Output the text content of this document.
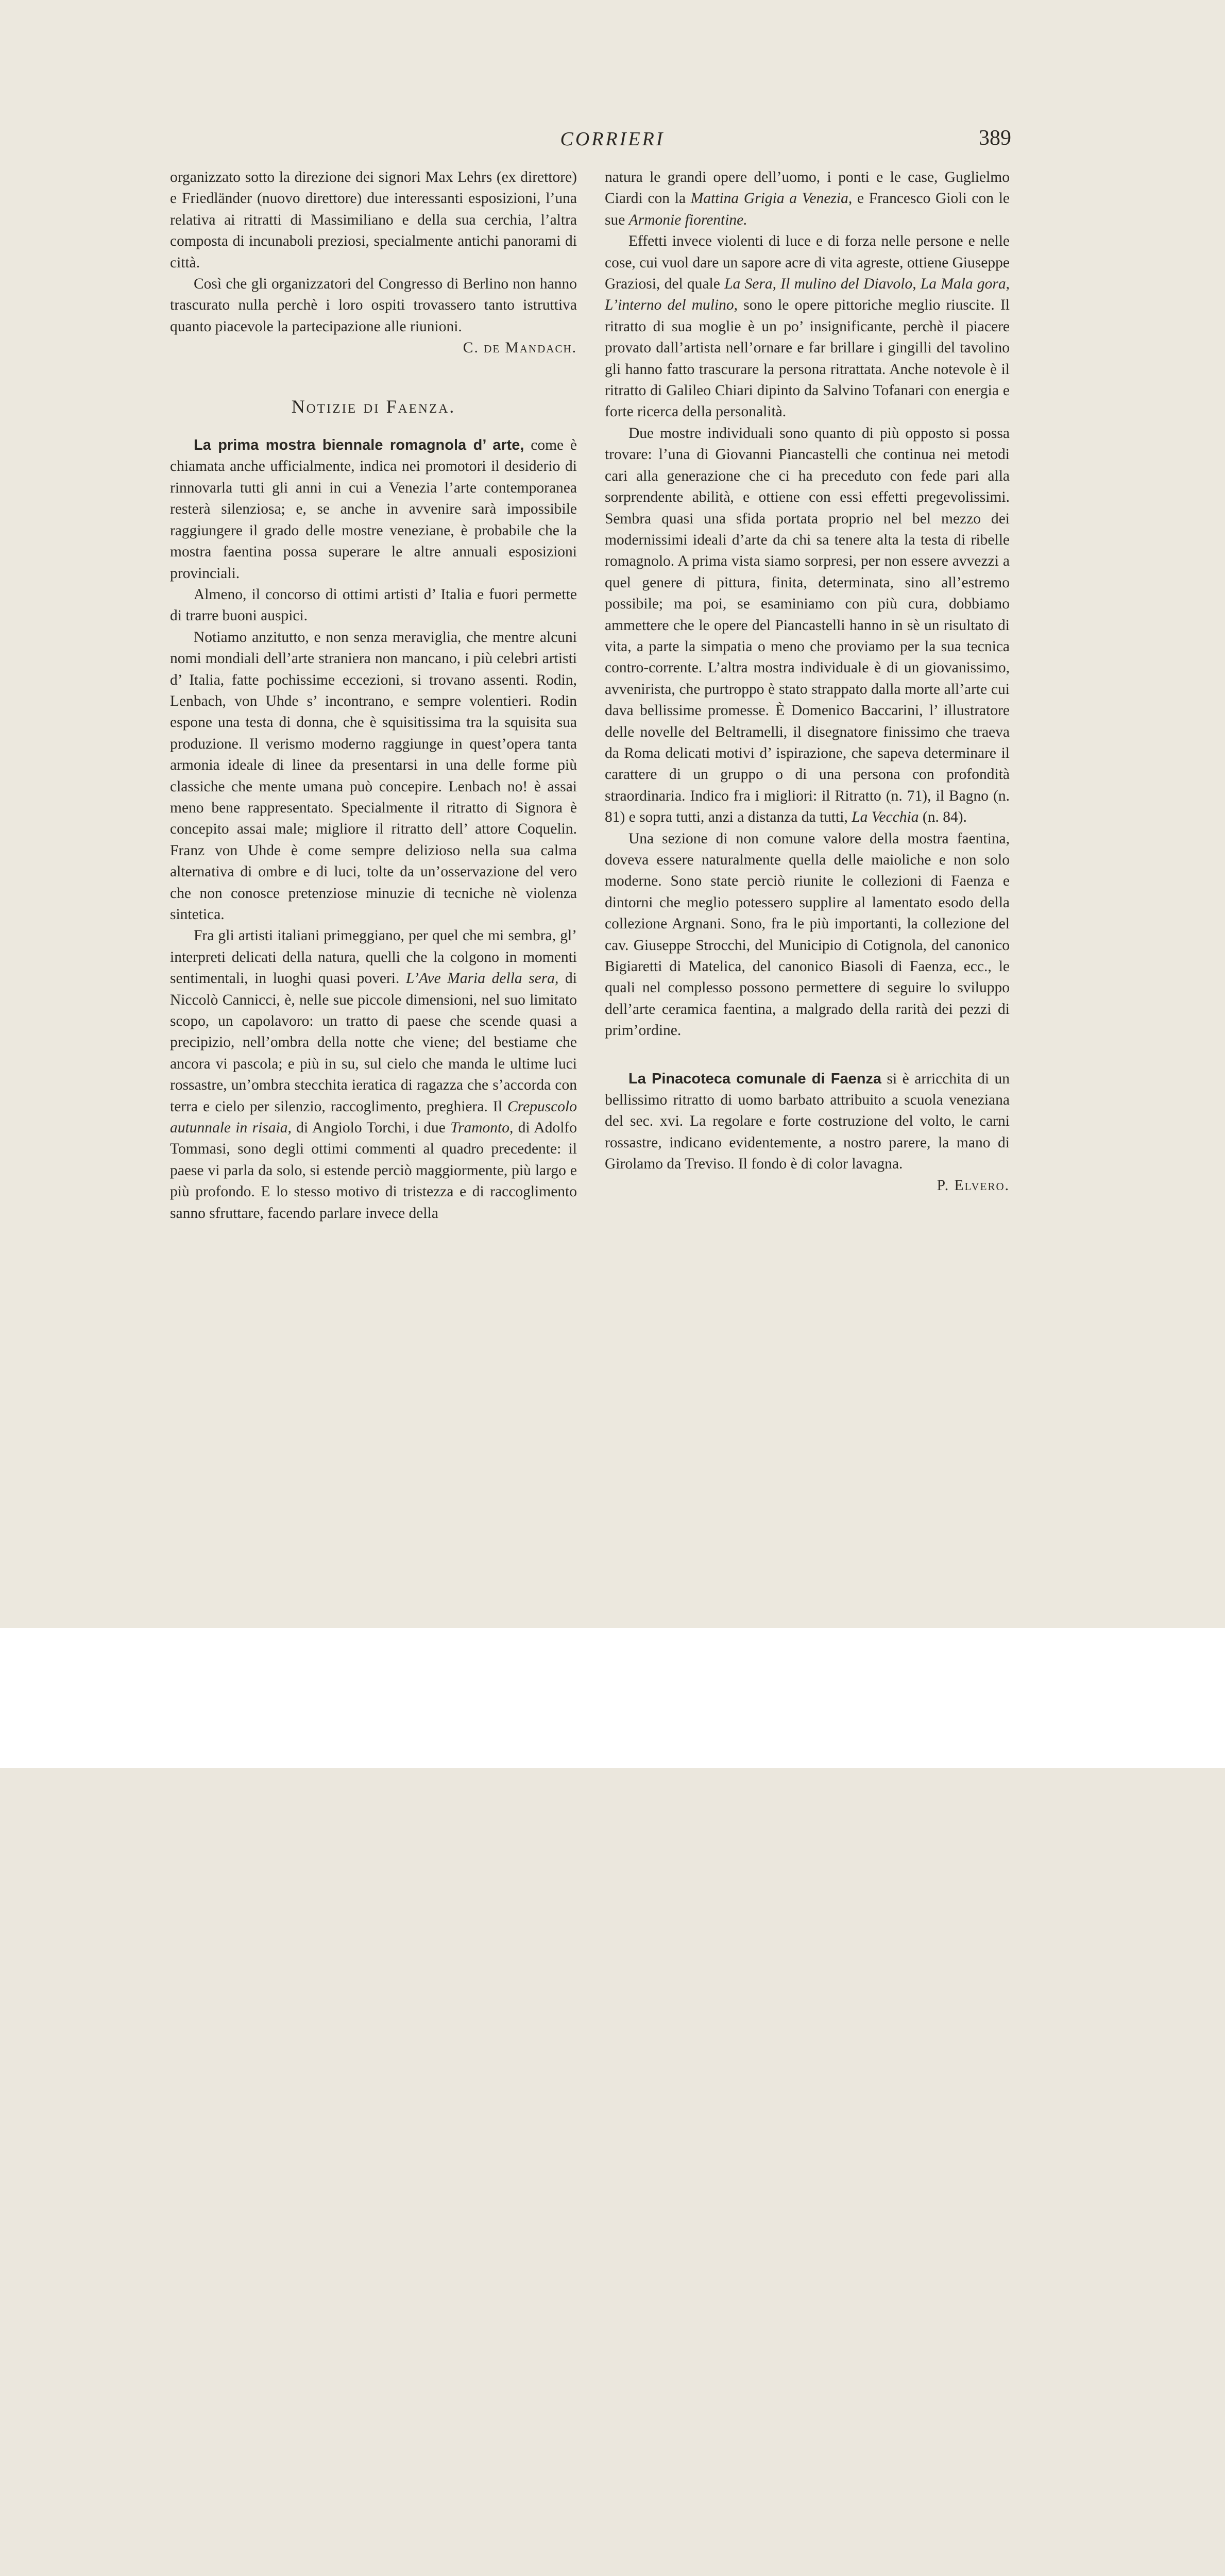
CORRIERI	389

organizzato sotto la direzione dei signori Max Lehrs (ex direttore) e Friedländer (nuovo direttore) due interessanti esposizioni, l’una relativa ai ritratti di Massimiliano e della sua cerchia, l’altra composta di incunaboli preziosi, specialmente antichi panorami di città.

Così che gli organizzatori del Congresso di Berlino non hanno trascurato nulla perchè i loro ospiti trovassero tanto istruttiva quanto piacevole la partecipazione alle riunioni.

C. de Mandach.

Notizie di Faenza.

La prima mostra biennale romagnola d’ arte, come è chiamata anche ufficialmente, indica nei promotori il desiderio di rinnovarla tutti gli anni in cui a Venezia l’arte contemporanea resterà silenziosa; e, se anche in avvenire sarà impossibile raggiungere il grado delle mostre veneziane, è probabile che la mostra faentina possa superare le altre annuali esposizioni provinciali.

Almeno, il concorso di ottimi artisti d’ Italia e fuori permette di trarre buoni auspici.

Notiamo anzitutto, e non senza meraviglia, che mentre alcuni nomi mondiali dell’arte straniera non mancano, i più celebri artisti d’ Italia, fatte pochissime eccezioni, si trovano assenti. Rodin, Lenbach, von Uhde s’ incontrano, e sempre volentieri. Rodin espone una testa di donna, che è squisitissima tra la squisita sua produzione. Il verismo moderno raggiunge in quest’opera tanta armonia ideale di linee da presentarsi in una delle forme più classiche che mente umana può concepire. Lenbach no! è assai meno bene rappresentato. Specialmente il ritratto di Signora è concepito assai male; migliore il ritratto dell’ attore Coquelin. Franz von Uhde è come sempre delizioso nella sua calma alternativa di ombre e di luci, tolte da un’osservazione del vero che non conosce pretenziose minuzie di tecniche nè violenza sintetica.

Fra gli artisti italiani primeggiano, per quel che mi sembra, gl’ interpreti delicati della natura, quelli che la colgono in momenti sentimentali, in luoghi quasi poveri. L’Ave Maria della sera, di Niccolò Cannicci, è, nelle sue piccole dimensioni, nel suo limitato scopo, un capolavoro: un tratto di paese che scende quasi a precipizio, nell’ombra della notte che viene; del bestiame che ancora vi pascola; e più in su, sul cielo che manda le ultime luci rossastre, un’ombra stecchita ieratica di ragazza che s’accorda con terra e cielo per silenzio, raccoglimento, preghiera. Il Crepuscolo autunnale in risaia, di Angiolo Torchi, i due Tramonto, di Adolfo Tommasi, sono degli ottimi commenti al quadro precedente: il paese vi parla da solo, si estende perciò maggiormente, più largo e più profondo. E lo stesso motivo di tristezza e di raccoglimento sanno sfruttare, facendo parlare invece della

natura le grandi opere dell’uomo, i ponti e le case, Guglielmo Ciardi con la Mattina Grigia a Venezia, e Francesco Gioli con le sue Armonie fiorentine.

Effetti invece violenti di luce e di forza nelle persone e nelle cose, cui vuol dare un sapore acre di vita agreste, ottiene Giuseppe Graziosi, del quale La Sera, Il mulino del Diavolo, La Mala gora, L’interno del mulino, sono le opere pittoriche meglio riuscite. Il ritratto di sua moglie è un po’ insignificante, perchè il piacere provato dall’artista nell’ornare e far brillare i gingilli del tavolino gli hanno fatto trascurare la persona ritrattata. Anche notevole è il ritratto di Galileo Chiari dipinto da Salvino Tofanari con energia e forte ricerca della personalità.

Due mostre individuali sono quanto di più opposto si possa trovare: l’una di Giovanni Piancastelli che continua nei metodi cari alla generazione che ci ha preceduto con fede pari alla sorprendente abilità, e ottiene con essi effetti pregevolissimi. Sembra quasi una sfida portata proprio nel bel mezzo dei modernissimi ideali d’arte da chi sa tenere alta la testa di ribelle romagnolo. A prima vista siamo sorpresi, per non essere avvezzi a quel genere di pittura, finita, determinata, sino all’estremo possibile; ma poi, se esaminiamo con più cura, dobbiamo ammettere che le opere del Piancastelli hanno in sè un risultato di vita, a parte la simpatia o meno che proviamo per la sua tecnica contro-corrente. L’altra mostra individuale è di un giovanissimo, avvenirista, che purtroppo è stato strappato dalla morte all’arte cui dava bellissime promesse. È Domenico Baccarini, l’ illustratore delle novelle del Beltramelli, il disegnatore finissimo che traeva da Roma delicati motivi d’ ispirazione, che sapeva determinare il carattere di un gruppo o di una persona con profondità straordinaria. Indico fra i migliori: il Ritratto (n. 71), il Bagno (n. 81) e sopra tutti, anzi a distanza da tutti, La Vecchia (n. 84).

Una sezione di non comune valore della mostra faentina, doveva essere naturalmente quella delle maioliche e non solo moderne. Sono state perciò riunite le collezioni di Faenza e dintorni che meglio potessero supplire al lamentato esodo della collezione Argnani. Sono, fra le più importanti, la collezione del cav. Giuseppe Strocchi, del Municipio di Cotignola, del canonico Bigiaretti di Matelica, del canonico Biasoli di Faenza, ecc., le quali nel complesso possono permettere di seguire lo sviluppo dell’arte ceramica faentina, a malgrado della rarità dei pezzi di prim’ordine.

La Pinacoteca comunale di Faenza si è arricchita di un bellissimo ritratto di uomo barbato attribuito a scuola veneziana del sec. xvi. La regolare e forte costruzione del volto, le carni rossastre, indicano evidentemente, a nostro parere, la mano di Girolamo da Treviso. Il fondo è di color lavagna.

P. Elvero.
